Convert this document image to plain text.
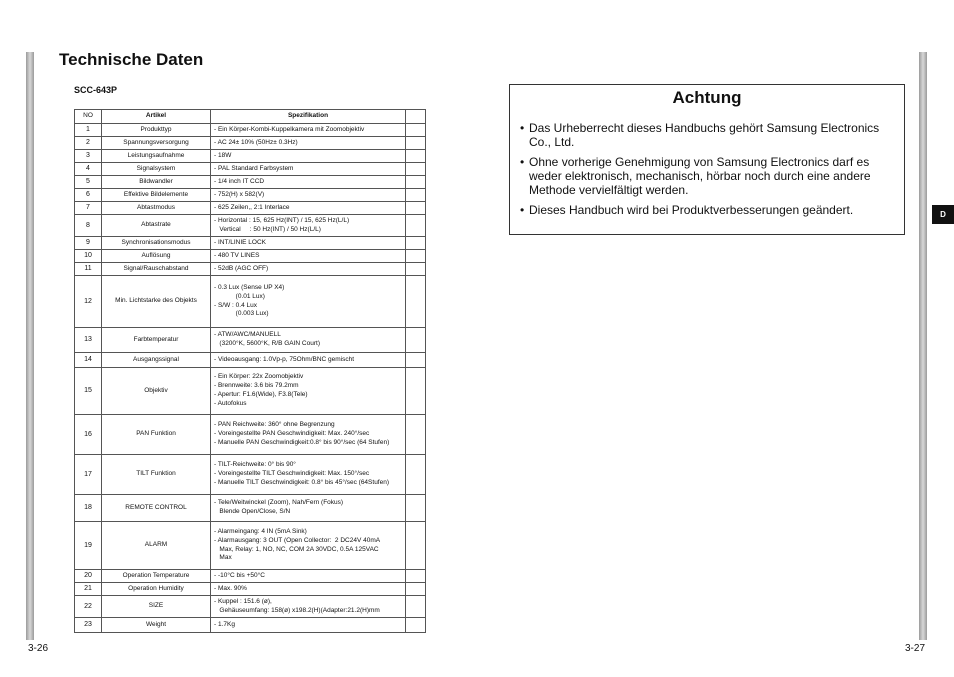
Technische Daten
SCC-643P
NO	Artikel	Spezifikation	
1	Produkttyp	- Ein Körper-Kombi-Kuppelkamera mit Zoomobjektiv	
2	Spannungsversorgung	- AC 24± 10% (50Hz± 0.3Hz)	
3	Leistungsaufnahme	- 18W	
4	Signalsystem	- PAL Standard Farbsystem	
5	Bildwandler	- 1/4 inch IT CCD	
6	Effektive Bildelemente	- 752(H) x 582(V)	
7	Abtastmodus	- 625 Zeilen,, 2:1 Interlace	
8	Abtastrate	- Horizontal : 15, 625 Hz(INT) / 15, 625 Hz(L/L)
Vertical     : 50 Hz(INT) / 50 Hz(L/L)	
9	Synchronisationsmodus	- INT/LINIE LOCK	
10	Auflösung	- 480 TV LINES	
11	Signal/Rauschabstand	- 52dB (AGC OFF)	
12	Min. Lichtstarke des Objekts	- 0.3 Lux (Sense UP X4)
(0.01 Lux)
- S/W : 0.4 Lux
(0.003 Lux)	
13	Farbtemperatur	- ATW/AWC/MANUELL
(3200°K, 5600°K, R/B GAIN Court)	
14	Ausgangssignal	- Videoausgang: 1.0Vp-p, 75Ohm/BNC gemischt	
15	Objektiv	- Ein Körper: 22x Zoomobjektiv
- Brennweite: 3.6 bis 79.2mm
- Apertur: F1.6(Wide), F3.8(Tele)
- Autofokus	
16	PAN Funktion	- PAN Reichweite: 360° ohne Begrenzung
- Voreingestellte PAN Geschwindigkeit: Max. 240°/sec
- Manuelle PAN Geschwindigkeit:0.8° bis 90°/sec (64 Stufen)	
17	TILT Funktion	- TILT-Reichweite: 0° bis 90°
- Voreingestellte TILT Geschwindigkeit: Max. 150°/sec
- Manuelle TILT Geschwindigkeit: 0.8° bis 45°/sec (64Stufen)	
18	REMOTE CONTROL	- Tele/Weitwinckel (Zoom), Nah/Fern (Fokus)
Blende Open/Close, S/N	
19	ALARM	- Alarmeingang: 4 IN (5mA Sink)
- Alarmausgang: 3 OUT (Open Collector:  2 DC24V 40mA
Max, Relay: 1, NO, NC, COM 2A 30VDC, 0.5A 125VAC
Max	
20	Operation Temperature	- -10°C bis +50°C	
21	Operation Humidity	- Max. 90%	
22	SIZE	- Kuppel : 151.6 (ø),
Gehäuseumfang: 158(ø) x198.2(H)(Adapter:21.2(H)mm	
23	Weight	- 1.7Kg	
Achtung
• Das Urheberrecht dieses Handbuchs gehört Samsung Electronics Co., Ltd.
• Ohne vorherige Genehmigung von Samsung Electronics darf es weder elektronisch, mechanisch, hörbar noch durch eine andere Methode vervielfältigt werden.
• Dieses Handbuch wird bei Produktverbesserungen geändert.	D
3-26	3-27
